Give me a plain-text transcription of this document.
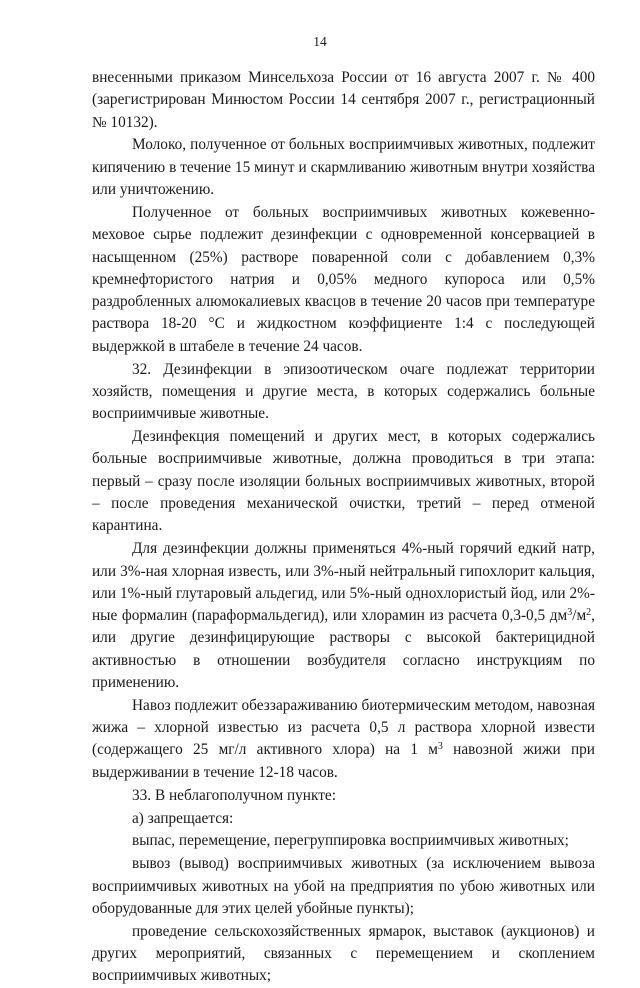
14

внесенными приказом Минсельхоза России от 16 августа 2007 г. № 400 (зарегистрирован Минюстом России 14 сентября 2007 г., регистрационный № 10132).

Молоко, полученное от больных восприимчивых животных, подлежит кипячению в течение 15 минут и скармливанию животным внутри хозяйства или уничтожению.

Полученное от больных восприимчивых животных кожевенно-меховое сырье подлежит дезинфекции с одновременной консервацией в насыщенном (25%) растворе поваренной соли с добавлением 0,3% кремнефтористого натрия и 0,05% медного купороса или 0,5% раздробленных алюмокалиевых квасцов в течение 20 часов при температуре раствора 18-20 °С и жидкостном коэффициенте 1:4 с последующей выдержкой в штабеле в течение 24 часов.

32. Дезинфекции в эпизоотическом очаге подлежат территории хозяйств, помещения и другие места, в которых содержались больные восприимчивые животные.

Дезинфекция помещений и других мест, в которых содержались больные восприимчивые животные, должна проводиться в три этапа: первый – сразу после изоляции больных восприимчивых животных, второй – после проведения механической очистки, третий – перед отменой карантина.

Для дезинфекции должны применяться 4%-ный горячий едкий натр, или 3%-ная хлорная известь, или 3%-ный нейтральный гипохлорит кальция, или 1%-ный глутаровый альдегид, или 5%-ный однохлористый йод, или 2%-ные формалин (параформальдегид), или хлорамин из расчета 0,3-0,5 $дм^3/м^2$, или другие дезинфицирующие растворы с высокой бактерицидной активностью в отношении возбудителя согласно инструкциям по применению.

Навоз подлежит обеззараживанию биотермическим методом, навозная жижа – хлорной известью из расчета 0,5 л раствора хлорной извести (содержащего 25 мг/л активного хлора) на 1 $м^3$ навозной жижи при выдерживании в течение 12-18 часов.

33. В неблагополучном пункте:

а) запрещается:

выпас, перемещение, перегруппировка восприимчивых животных;

вывоз (вывод) восприимчивых животных (за исключением вывоза восприимчивых животных на убой на предприятия по убою животных или оборудованные для этих целей убойные пункты);

проведение сельскохозяйственных ярмарок, выставок (аукционов) и других мероприятий, связанных с перемещением и скоплением восприимчивых животных;
